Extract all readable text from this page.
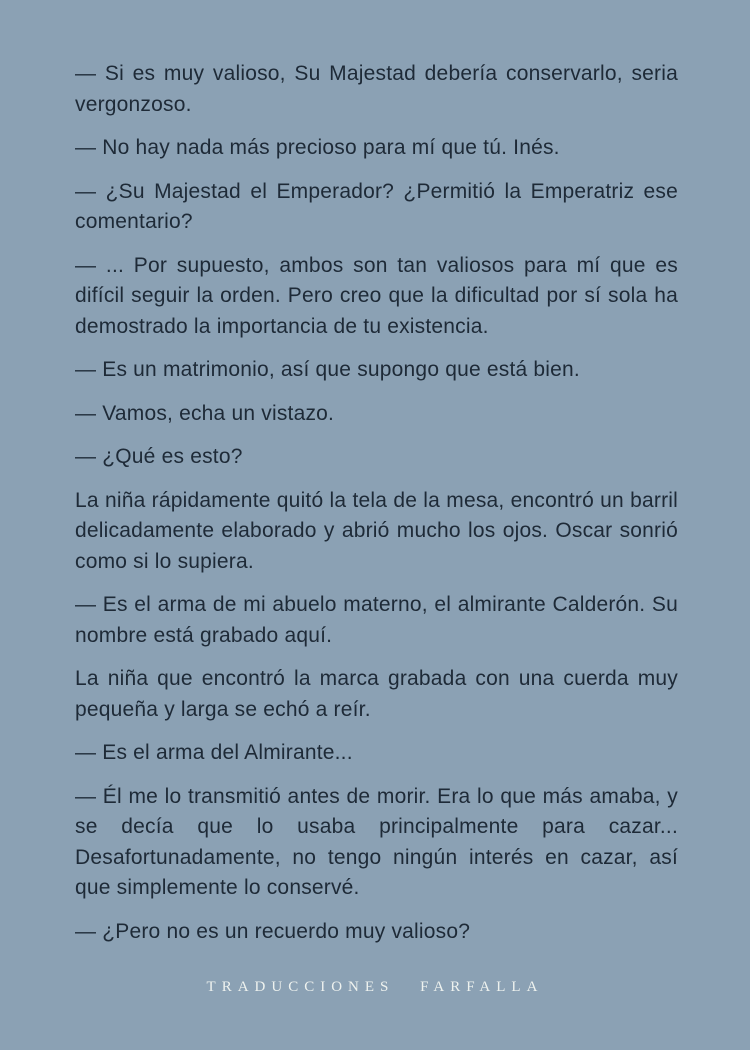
— Si es muy valioso, Su Majestad debería conservarlo, seria vergonzoso.

— No hay nada más precioso para mí que tú. Inés.

— ¿Su Majestad el Emperador? ¿Permitió la Emperatriz ese comentario?

— ... Por supuesto, ambos son tan valiosos para mí que es difícil seguir la orden. Pero creo que la dificultad por sí sola ha demostrado la importancia de tu existencia.

— Es un matrimonio, así que supongo que está bien.

— Vamos, echa un vistazo.

— ¿Qué es esto?

La niña rápidamente quitó la tela de la mesa, encontró un barril delicadamente elaborado y abrió mucho los ojos. Oscar sonrió como si lo supiera.

— Es el arma de mi abuelo materno, el almirante Calderón. Su nombre está grabado aquí.

La niña que encontró la marca grabada con una cuerda muy pequeña y larga se echó a reír.

— Es el arma del Almirante...

— Él me lo transmitió antes de morir. Era lo que más amaba, y se decía que lo usaba principalmente para cazar... Desafortunadamente, no tengo ningún interés en cazar, así que simplemente lo conservé.

— ¿Pero no es un recuerdo muy valioso?

TRADUCCIONES FARFALLA
